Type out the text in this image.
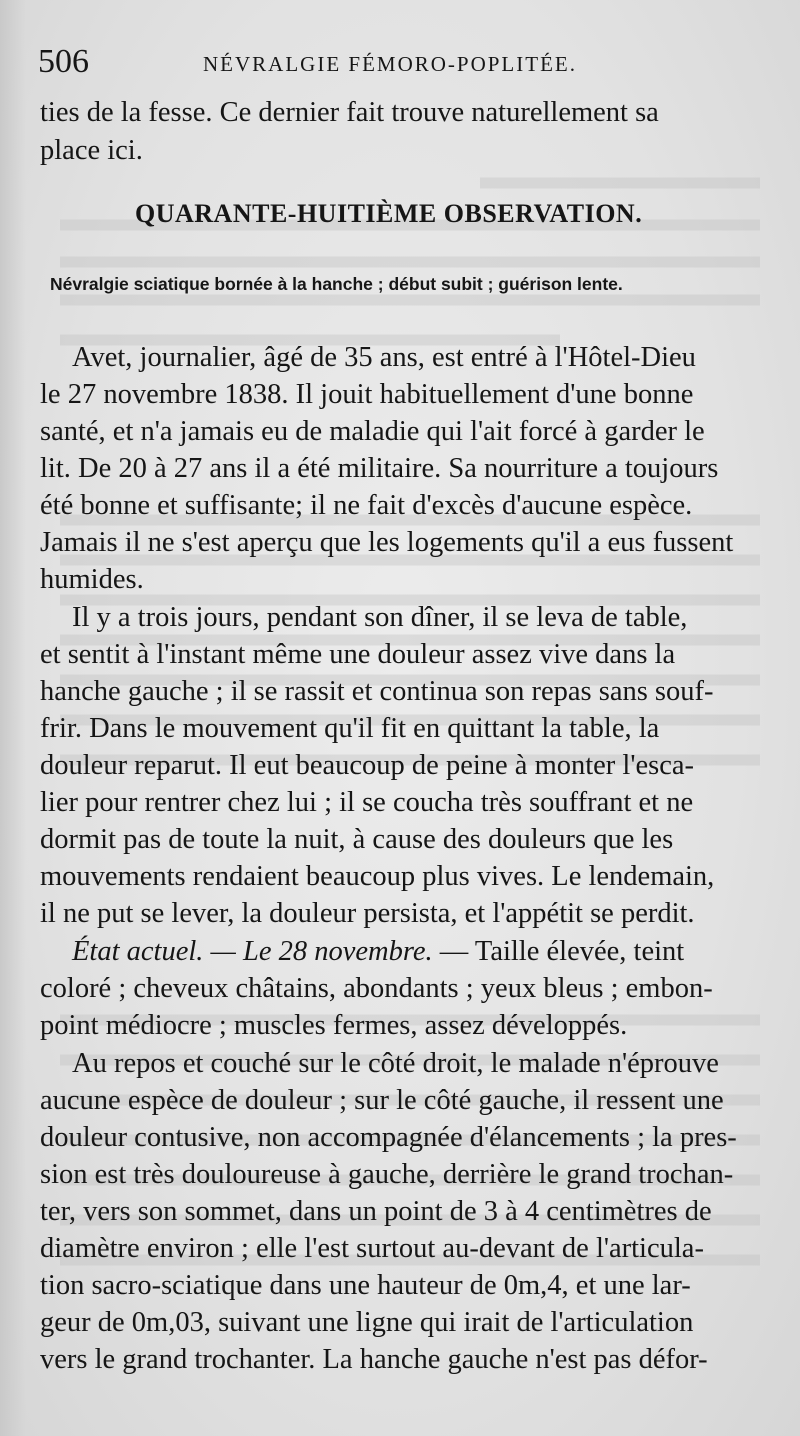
506	NÉVRALGIE FÉMORO-POPLITÉE.
ties de la fesse. Ce dernier fait trouve naturellement sa
place ici.
QUARANTE-HUITIÈME OBSERVATION.
Névralgie sciatique bornée à la hanche ; début subit ; guérison lente.
Avet, journalier, âgé de 35 ans, est entré à l'Hôtel-Dieu
le 27 novembre 1838. Il jouit habituellement d'une bonne
santé, et n'a jamais eu de maladie qui l'ait forcé à garder le
lit. De 20 à 27 ans il a été militaire. Sa nourriture a toujours
été bonne et suffisante; il ne fait d'excès d'aucune espèce.
Jamais il ne s'est aperçu que les logements qu'il a eus fussent
humides.
Il y a trois jours, pendant son dîner, il se leva de table,
et sentit à l'instant même une douleur assez vive dans la
hanche gauche ; il se rassit et continua son repas sans souf-
frir. Dans le mouvement qu'il fit en quittant la table, la
douleur reparut. Il eut beaucoup de peine à monter l'esca-
lier pour rentrer chez lui ; il se coucha très souffrant et ne
dormit pas de toute la nuit, à cause des douleurs que les
mouvements rendaient beaucoup plus vives. Le lendemain,
il ne put se lever, la douleur persista, et l'appétit se perdit.
État actuel. — Le 28 novembre. — Taille élevée, teint
coloré ; cheveux châtains, abondants ; yeux bleus ; embon-
point médiocre ; muscles fermes, assez développés.
Au repos et couché sur le côté droit, le malade n'éprouve
aucune espèce de douleur ; sur le côté gauche, il ressent une
douleur contusive, non accompagnée d'élancements ; la pres-
sion est très douloureuse à gauche, derrière le grand trochan-
ter, vers son sommet, dans un point de 3 à 4 centimètres de
diamètre environ ; elle l'est surtout au-devant de l'articula-
tion sacro-sciatique dans une hauteur de 0m,4, et une lar-
geur de 0m,03, suivant une ligne qui irait de l'articulation
vers le grand trochanter. La hanche gauche n'est pas défor-
